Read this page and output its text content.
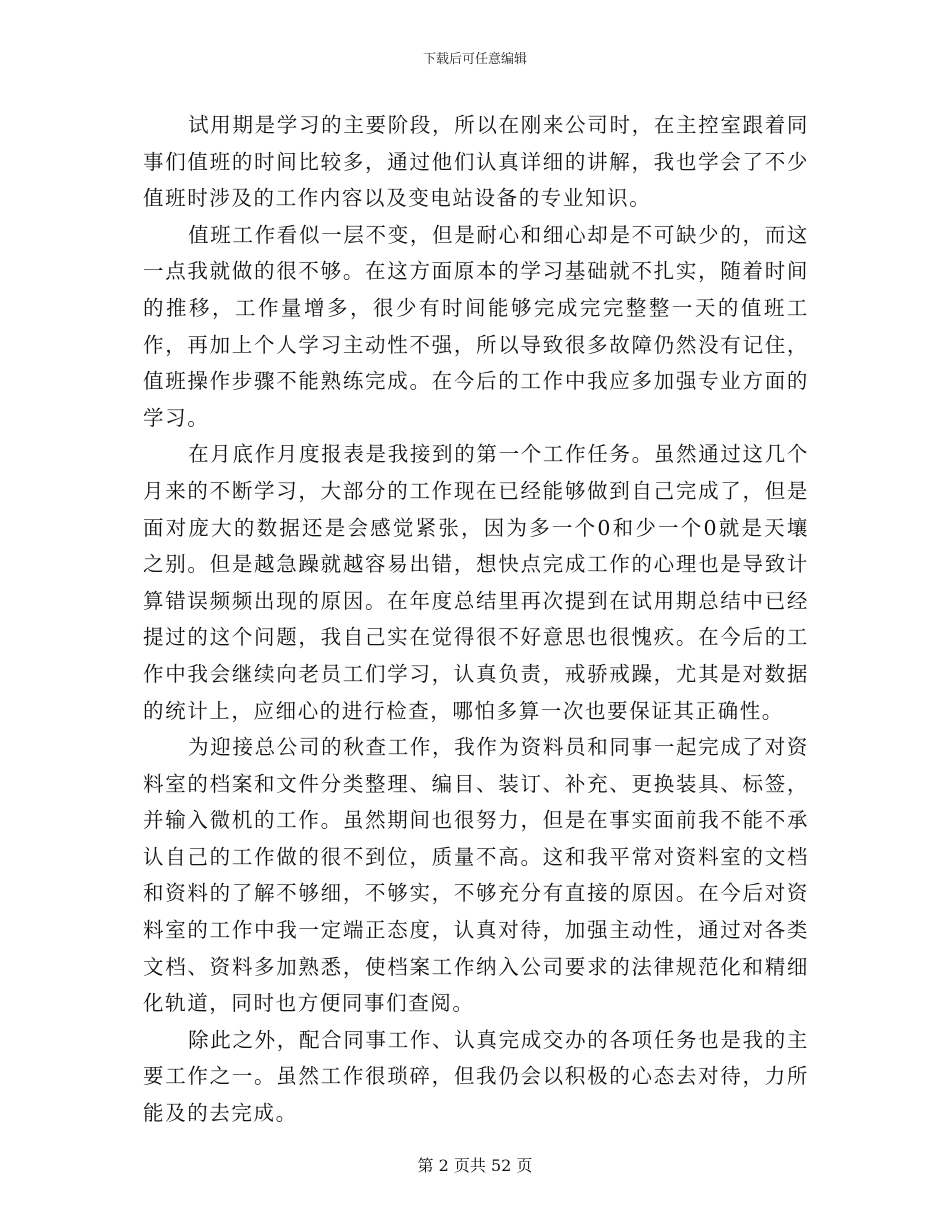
下载后可任意编辑

试用期是学习的主要阶段，所以在刚来公司时，在主控室跟着同事们值班的时间比较多，通过他们认真详细的讲解，我也学会了不少值班时涉及的工作内容以及变电站设备的专业知识。

值班工作看似一层不变，但是耐心和细心却是不可缺少的，而这一点我就做的很不够。在这方面原本的学习基础就不扎实，随着时间的推移，工作量增多，很少有时间能够完成完完整整一天的值班工作，再加上个人学习主动性不强，所以导致很多故障仍然没有记住，值班操作步骤不能熟练完成。在今后的工作中我应多加强专业方面的学习。

在月底作月度报表是我接到的第一个工作任务。虽然通过这几个月来的不断学习，大部分的工作现在已经能够做到自己完成了，但是面对庞大的数据还是会感觉紧张，因为多一个0和少一个0就是天壤之别。但是越急躁就越容易出错，想快点完成工作的心理也是导致计算错误频频出现的原因。在年度总结里再次提到在试用期总结中已经提过的这个问题，我自己实在觉得很不好意思也很愧疚。在今后的工作中我会继续向老员工们学习，认真负责，戒骄戒躁，尤其是对数据的统计上，应细心的进行检查，哪怕多算一次也要保证其正确性。

为迎接总公司的秋查工作，我作为资料员和同事一起完成了对资料室的档案和文件分类整理、编目、装订、补充、更换装具、标签，并输入微机的工作。虽然期间也很努力，但是在事实面前我不能不承认自己的工作做的很不到位，质量不高。这和我平常对资料室的文档和资料的了解不够细，不够实，不够充分有直接的原因。在今后对资料室的工作中我一定端正态度，认真对待，加强主动性，通过对各类文档、资料多加熟悉，使档案工作纳入公司要求的法律规范化和精细化轨道，同时也方便同事们查阅。

除此之外，配合同事工作、认真完成交办的各项任务也是我的主要工作之一。虽然工作很琐碎，但我仍会以积极的心态去对待，力所能及的去完成。

第 2 页共 52 页
